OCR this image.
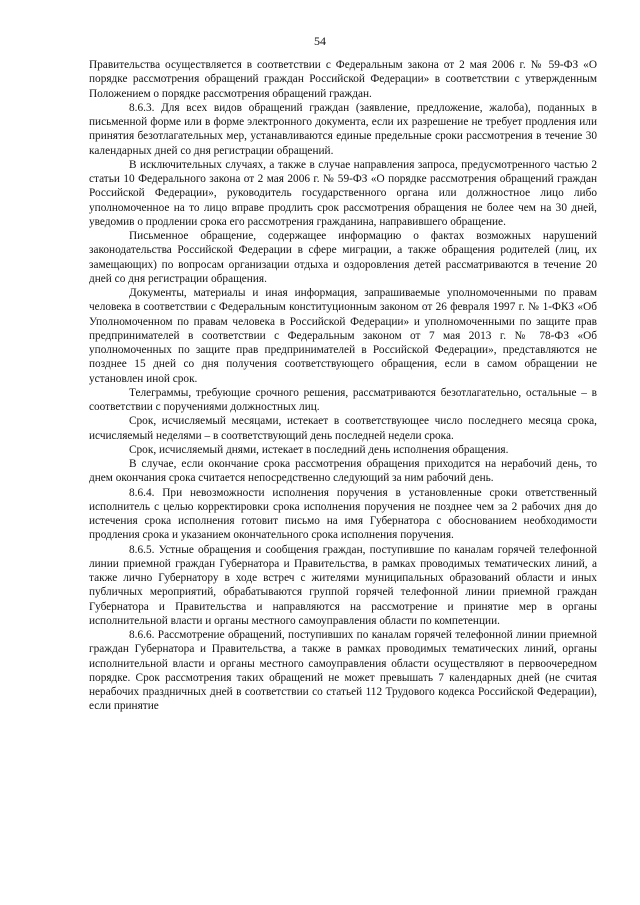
54

Правительства осуществляется в соответствии с Федеральным закона от 2 мая 2006 г. № 59-ФЗ «О порядке рассмотрения обращений граждан Российской Федерации» в соответствии с утвержденным Положением о порядке рассмотрения обращений граждан.

8.6.3. Для всех видов обращений граждан (заявление, предложение, жалоба), поданных в письменной форме или в форме электронного документа, если их разрешение не требует продления или принятия безотлагательных мер, устанавливаются единые предельные сроки рассмотрения в течение 30 календарных дней со дня регистрации обращений.

В исключительных случаях, а также в случае направления запроса, предусмотренного частью 2 статьи 10 Федерального закона от 2 мая 2006 г. № 59-ФЗ «О порядке рассмотрения обращений граждан Российской Федерации», руководитель государственного органа или должностное лицо либо уполномоченное на то лицо вправе продлить срок рассмотрения обращения не более чем на 30 дней, уведомив о продлении срока его рассмотрения гражданина, направившего обращение.

Письменное обращение, содержащее информацию о фактах возможных нарушений законодательства Российской Федерации в сфере миграции, а также обращения родителей (лиц, их замещающих) по вопросам организации отдыха и оздоровления детей рассматриваются в течение 20 дней со дня регистрации обращения.

Документы, материалы и иная информация, запрашиваемые уполномоченными по правам человека в соответствии с Федеральным конституционным законом от 26 февраля 1997 г. № 1-ФКЗ «Об Уполномоченном по правам человека в Российской Федерации» и уполномоченными по защите прав предпринимателей в соответствии с Федеральным законом от 7 мая 2013 г. № 78-ФЗ «Об уполномоченных по защите прав предпринимателей в Российской Федерации», представляются не позднее 15 дней со дня получения соответствующего обращения, если в самом обращении не установлен иной срок.

Телеграммы, требующие срочного решения, рассматриваются безотлагательно, остальные – в соответствии с поручениями должностных лиц.

Срок, исчисляемый месяцами, истекает в соответствующее число последнего месяца срока, исчисляемый неделями – в соответствующий день последней недели срока.

Срок, исчисляемый днями, истекает в последний день исполнения обращения.

В случае, если окончание срока рассмотрения обращения приходится на нерабочий день, то днем окончания срока считается непосредственно следующий за ним рабочий день.

8.6.4. При невозможности исполнения поручения в установленные сроки ответственный исполнитель с целью корректировки срока исполнения поручения не позднее чем за 2 рабочих дня до истечения срока исполнения готовит письмо на имя Губернатора с обоснованием необходимости продления срока и указанием окончательного срока исполнения поручения.

8.6.5. Устные обращения и сообщения граждан, поступившие по каналам горячей телефонной линии приемной граждан Губернатора и Правительства, в рамках проводимых тематических линий, а также лично Губернатору в ходе встреч с жителями муниципальных образований области и иных публичных мероприятий, обрабатываются группой горячей телефонной линии приемной граждан Губернатора и Правительства и направляются на рассмотрение и принятие мер в органы исполнительной власти и органы местного самоуправления области по компетенции.

8.6.6. Рассмотрение обращений, поступивших по каналам горячей телефонной линии приемной граждан Губернатора и Правительства, а также в рамках проводимых тематических линий, органы исполнительной власти и органы местного самоуправления области осуществляют в первоочередном порядке. Срок рассмотрения таких обращений не может превышать 7 календарных дней (не считая нерабочих праздничных дней в соответствии со статьей 112 Трудового кодекса Российской Федерации), если принятие
